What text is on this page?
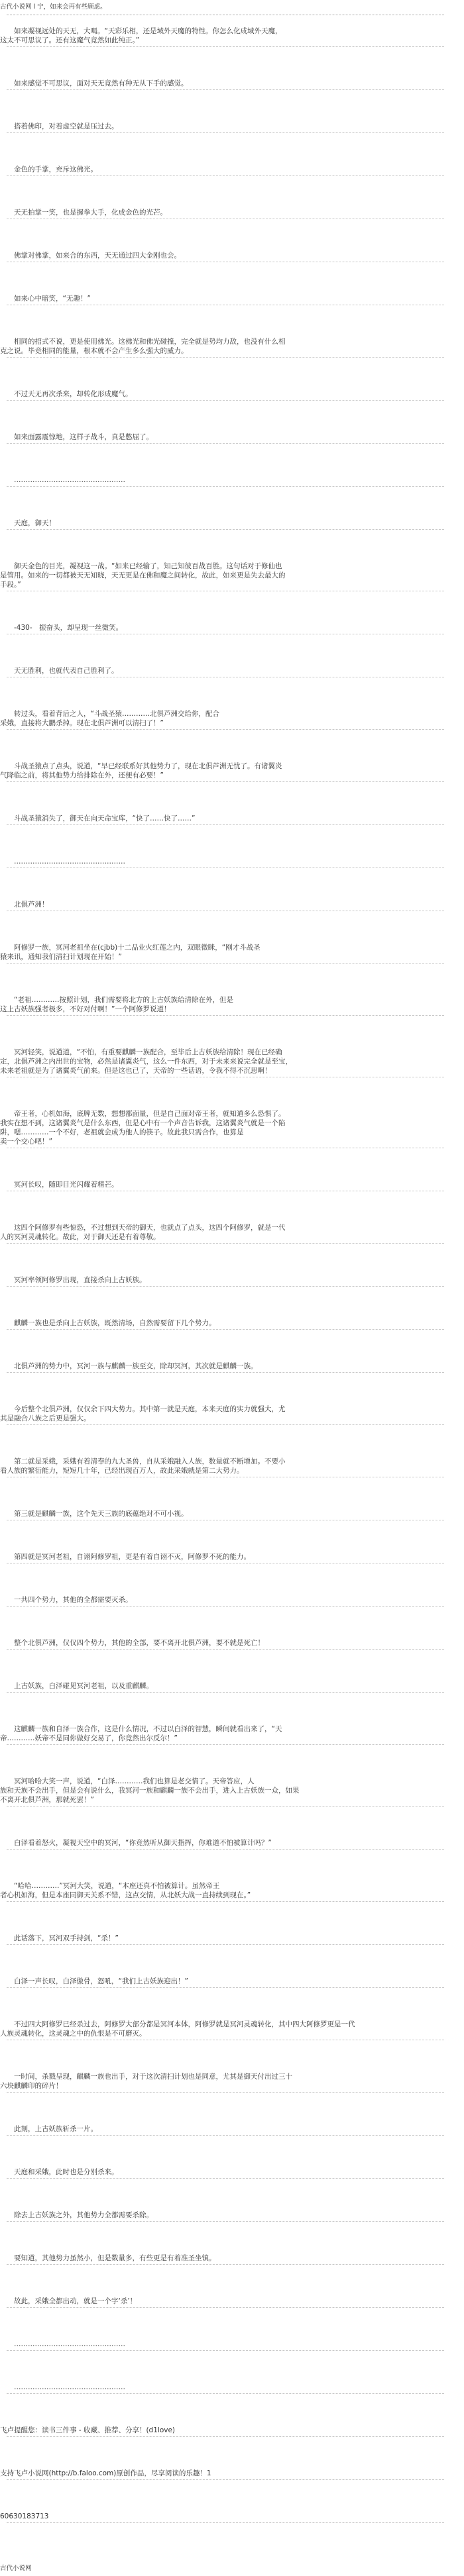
古代小说网 l 宁，如来会再有些顾虑。
　　如来凝视远处的天无，大喝。“天彩乐相，还是域外天魔的特性。你怎么化成域外天魔，
这太不可思议了。还有这魔气竟然如此纯正。”
　　如来感觉不可思议，面对天无竟然有种无从下手的感觉。
　　搭着佛印，对着虚空就是压过去。
　　金色的手掌，充斥这佛光。
　　天无拍掌一笑，也是握拳大手，化成金色的光芒。
　　佛掌对佛掌，如来合的东西，天无通过四大金刚也会。
　　如来心中暗笑，“无趣！”
　　相同的招式不说，更是使用佛光。这佛光和佛光碰撞，完全就是势均力敌，也没有什么相
克之说。毕竟相同的能量，根本就不会产生多么强大的威力。
　　不过天无再次杀来，却转化形成魔气。
　　如来面露震惊地，这样子战斗，真是憋屈了。
　　…………………………………………
　　天庭，御天！
　　御天金色的目光，凝视这一战。“如来已经输了，知己知彼百战百胜。这句话对于修仙也
是管用。如来的一切都被天无知晓，天无更是在佛和魔之间转化，故此，如来更是失去最大的
手段。”
　　-430-　振奋头，却呈现一丝微笑。
　　天无胜利，也就代表自己胜利了。
　　转过头，看着背后之人，“斗战圣猿…………北俱芦洲交给你，配合
采娥，直接将大鹏杀掉。现在北俱芦洲可以清扫了！”
　　斗战圣猿点了点头，说道，“早已经联系好其他势力了，现在北俱芦洲无忧了。有诸翼炎
气降临之前，将其他势力给排除在外，还便有必要！”
　　斗战圣猿消失了，御天在向天命宝库，“快了……快了……”
　　…………………………………………
　　北俱芦洲！
　　阿修罗一族，冥河老祖坐在(cjbb)十二品业火红莲之内，双眼微眯，“刚才斗战圣
猿来讯，通知我们清扫计划现在开始！”
　　“老祖…………按照计划，我们需要将北方的上古妖族给清除在外，但是
这上古妖族强者极多，不好对付啊！”一个阿修罗说道！
　　冥河轻笑，说道道，“不怕，有重要麒麟一族配合，至毕后上古妖族给清除！现在已经确
定，北俱芦洲之内出世的宝物，必然是诸翼炎气，这么一件东西，对于未来来说完全就是至宝，
未来老祖就是为了诸翼炎气前来。但是这也已了，天帝的一些话语，令我不得不沉思啊！
　　帝王者，心机如海，底牌无数，想想都面量，但是自己面对帝王者，就知道多么恐惧了。
我实在想不到，这诸翼炎气是什么东西，但是心中有一个声音告诉我，这诸翼炎气就是一个陷
阱，嗯…………一个不好，老祖就会成为他人的筷子。故此我只需合作，也算是
卖一个交心吧！”
　　冥河长叹，随即目光闪耀着精芒。
　　这四个阿修罗有些惊恐，不过想到天帝的御天，也就点了点头，这四个阿修罗，就是一代
人的冥河灵魂转化。故此，对于御天还是有着尊敬。
　　冥河率领阿修罗出现，直接杀向上古妖族。
　　麒麟一族也是杀向上古妖族，既然清场，自然需要留下几个势力。
　　北俱芦洲的势力中，冥河一族与麒麟一族至交，除却冥河，其次就是麒麟一族。
　　今后整个北俱芦洲，仅仅余下四大势力。其中第一就是天庭，本来天庭的实力就强大，尤
其是融合八族之后更是强大。
　　第二就是采娥，采娥有着清奉的九大圣兽，自从采娥融入人族，数量就不断增加。不要小
看人族的繁衍能力，短短几十年，已经出现百万人，故此采娥就是第二大势力。
　　第三就是麒麟一族，这个先天三族的底蕴绝对不可小视。
　　第四就是冥河老祖，自诩阿修罗祖，更是有着自诩不灭，阿修罗不死的能力。
　　一共四个势力，其他的全都需要灭杀。
　　整个北俱芦洲，仅仅四个势力，其他的全部，要不离开北俱芦洲，要不就是死亡！
　　上古妖族，白泽碰见冥河老祖，以及重麒麟。
　　这麒麟一族和自泽一族合作，这是什么情况，不过以白泽的智慧，瞬间就看出来了，“天
帝…………妖帝不是同你做好交易了，你竟然出尔反尔！”
　　冥河哈哈大笑一声，说道，“白泽…………我们也算是老交情了。天帝答应，人
族和天族不会出手，但是会有说什么，我冥河一族和麒麟一族不会出手，进入上古妖族一众，如果
不离开北俱芦洲，那就死罢！”
　　白泽看着怒火，凝视天空中的冥河，“你竟然听从御天指挥，你难道不怕被算计吗？”
　　“哈哈…………”冥河大笑，说道，“本座还真不怕被算计。虽然帝王
者心机如海，但是本座同御天关系不错，这点交情，从北妖大战一直持续到现在。”
　　此话落下，冥河双手持剑，“杀！”
　　白泽一声长叹，白泽傲骨，怒吼，“我们上古妖族迎出！”
　　不过四大阿修罗已经杀过去，阿修罗大部分都是冥河本体，阿修罗就是冥河灵魂转化，其中四大阿修罗更是一代
人族灵魂转化，这灵魂之中的仇恨是不可磨灭。
　　一时间，杀戮呈现，麒麟一族也出手，对于这次清扫计划也是同意，尤其是御天付出过三十
六块麒麟印的碎片！
　　此刻，上古妖族斩杀一片。
　　天庭和采娥，此时也是分别杀来。
　　除去上古妖族之外，其他势力全都需要杀除。
　　要知道，其他势力虽然小，但是数量多，有些更是有着准圣坐镇。
　　故此，采娥全都出动，就是一个字‘杀’！
　　…………………………………………
　　…………………………………………
飞卢提醒您：读书三件事 - 收藏、推荐、分享！(d1love)
支持飞卢小说网(http://b.faloo.com)原创作品，尽享阅读的乐趣！1
60630183713
古代小说网
